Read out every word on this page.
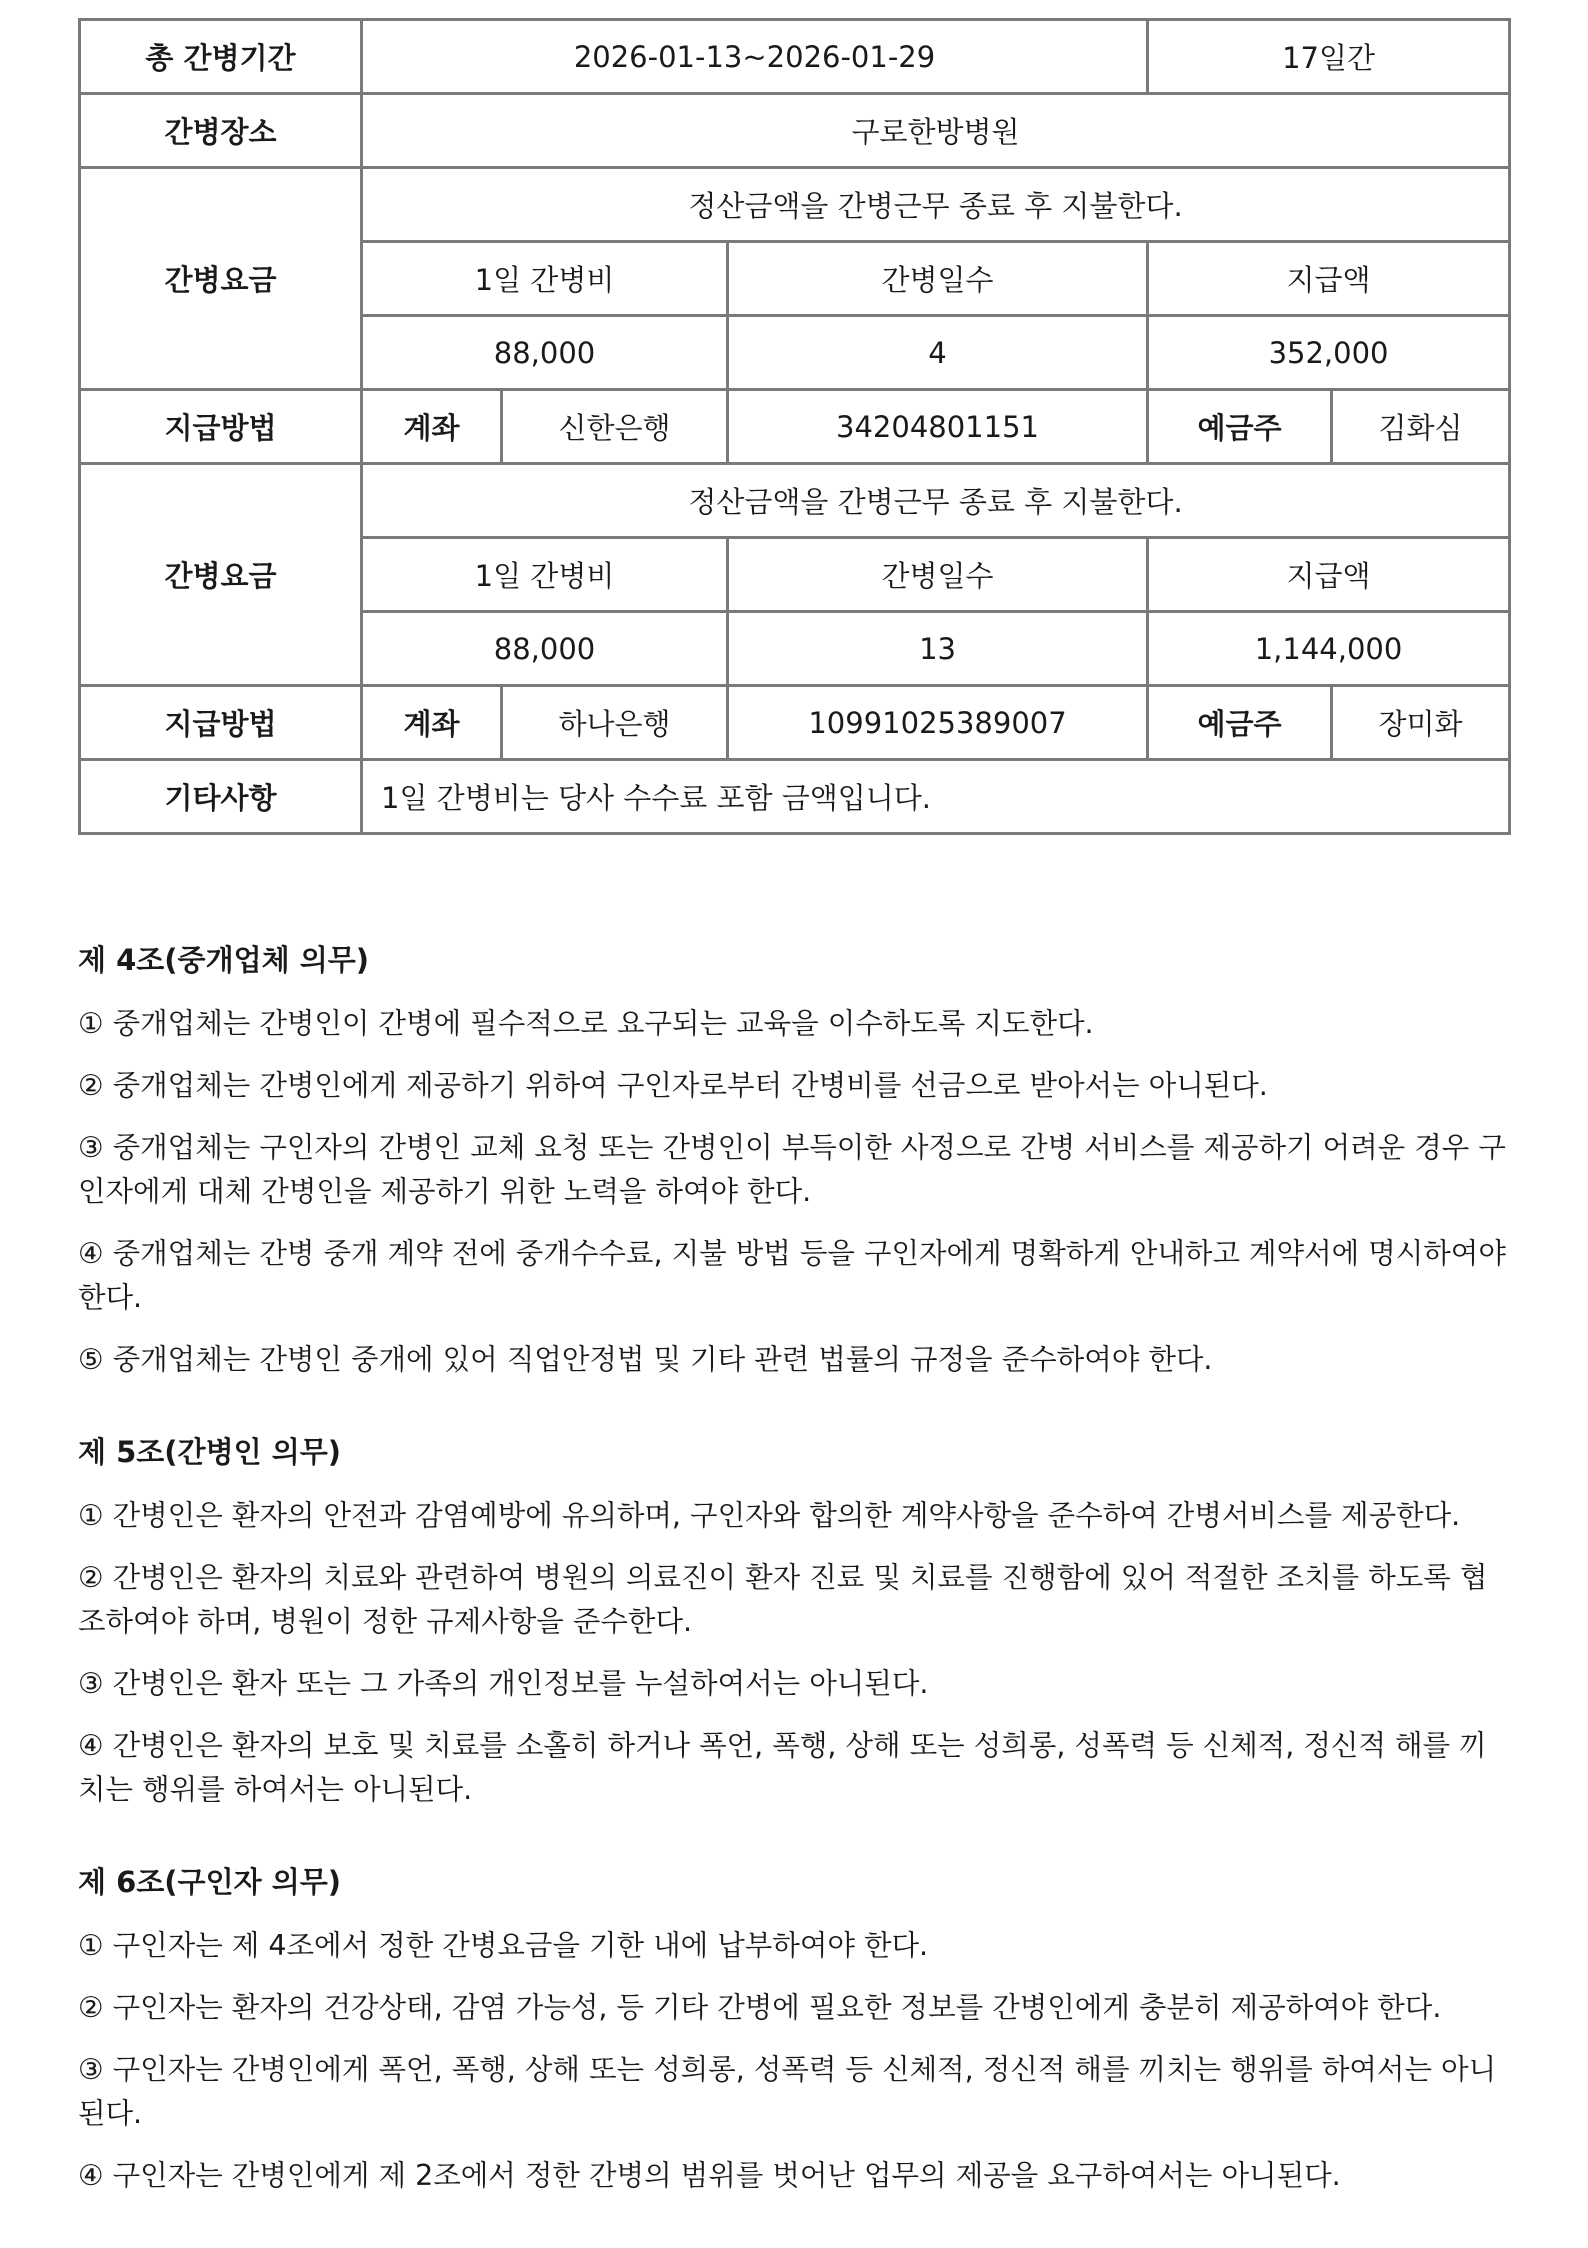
총 간병기간	2026-01-13~2026-01-29			17일간	
간병장소	구로한방병원				
간병요금	정산금액을 간병근무 종료 후 지불한다.				
	1일 간병비		간병일수	지급액	
	88,000		4	352,000	
지급방법	계좌	신한은행	34204801151	예금주	김화심
간병요금	정산금액을 간병근무 종료 후 지불한다.				
	1일 간병비		간병일수	지급액	
	88,000		13	1,144,000	
지급방법	계좌	하나은행	10991025389007	예금주	장미화
기타사항	1일 간병비는 당사 수수료 포함 금액입니다.				
제 4조(중개업체 의무)

① 중개업체는 간병인이 간병에 필수적으로 요구되는 교육을 이수하도록 지도한다.

② 중개업체는 간병인에게 제공하기 위하여 구인자로부터 간병비를 선금으로 받아서는 아니된다.

③ 중개업체는 구인자의 간병인 교체 요청 또는 간병인이 부득이한 사정으로 간병 서비스를 제공하기 어려운 경우 구인자에게 대체 간병인을 제공하기 위한 노력을 하여야 한다.

④ 중개업체는 간병 중개 계약 전에 중개수수료, 지불 방법 등을 구인자에게 명확하게 안내하고 계약서에 명시하여야 한다.

⑤ 중개업체는 간병인 중개에 있어 직업안정법 및 기타 관련 법률의 규정을 준수하여야 한다.

제 5조(간병인 의무)

① 간병인은 환자의 안전과 감염예방에 유의하며, 구인자와 합의한 계약사항을 준수하여 간병서비스를 제공한다.

② 간병인은 환자의 치료와 관련하여 병원의 의료진이 환자 진료 및 치료를 진행함에 있어 적절한 조치를 하도록 협조하여야 하며, 병원이 정한 규제사항을 준수한다.

③ 간병인은 환자 또는 그 가족의 개인정보를 누설하여서는 아니된다.

④ 간병인은 환자의 보호 및 치료를 소홀히 하거나 폭언, 폭행, 상해 또는 성희롱, 성폭력 등 신체적, 정신적 해를 끼치는 행위를 하여서는 아니된다.

제 6조(구인자 의무)

① 구인자는 제 4조에서 정한 간병요금을 기한 내에 납부하여야 한다.

② 구인자는 환자의 건강상태, 감염 가능성, 등 기타 간병에 필요한 정보를 간병인에게 충분히 제공하여야 한다.

③ 구인자는 간병인에게 폭언, 폭행, 상해 또는 성희롱, 성폭력 등 신체적, 정신적 해를 끼치는 행위를 하여서는 아니된다.

④ 구인자는 간병인에게 제 2조에서 정한 간병의 범위를 벗어난 업무의 제공을 요구하여서는 아니된다.
